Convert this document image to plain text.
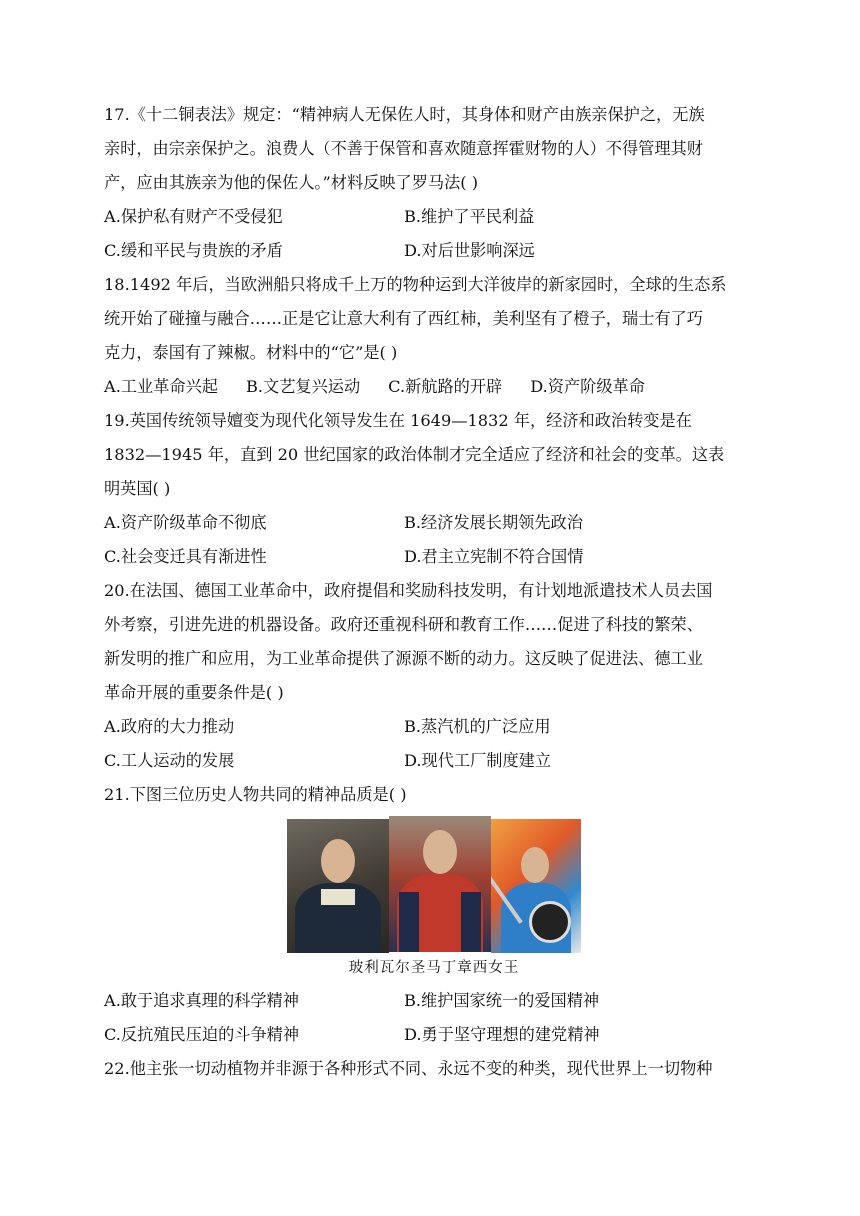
17.《十二铜表法》规定：“精神病人无保佐人时，其身体和财产由族亲保护之，无族
亲时，由宗亲保护之。浪费人（不善于保管和喜欢随意挥霍财物的人）不得管理其财
产，应由其族亲为他的保佐人。”材料反映了罗马法( )
A.保护私有财产不受侵犯	B.维护了平民利益
C.缓和平民与贵族的矛盾	D.对后世影响深远
18.1492 年后，当欧洲船只将成千上万的物种运到大洋彼岸的新家园时，全球的生态系
统开始了碰撞与融合……正是它让意大利有了西红柿，美利坚有了橙子，瑞士有了巧
克力，泰国有了辣椒。材料中的“它”是( )
A.工业革命兴起 B.文艺复兴运动 C.新航路的开辟 D.资产阶级革命
19.英国传统领导嬗变为现代化领导发生在 1649—1832 年，经济和政治转变是在
1832—1945 年，直到 20 世纪国家的政治体制才完全适应了经济和社会的变革。这表
明英国( )
A.资产阶级革命不彻底	B.经济发展长期领先政治
C.社会变迁具有渐进性	D.君主立宪制不符合国情
20.在法国、德国工业革命中，政府提倡和奖励科技发明，有计划地派遣技术人员去国
外考察，引进先进的机器设备。政府还重视科研和教育工作……促进了科技的繁荣、
新发明的推广和应用，为工业革命提供了源源不断的动力。这反映了促进法、德工业
革命开展的重要条件是( )
A.政府的大力推动	B.蒸汽机的广泛应用
C.工人运动的发展	D.现代工厂制度建立
21.下图三位历史人物共同的精神品质是( )
玻利瓦尔圣马丁章西女王
A.敢于追求真理的科学精神	B.维护国家统一的爱国精神
C.反抗殖民压迫的斗争精神	D.勇于坚守理想的建党精神
22.他主张一切动植物并非源于各种形式不同、永远不变的种类，现代世界上一切物种
